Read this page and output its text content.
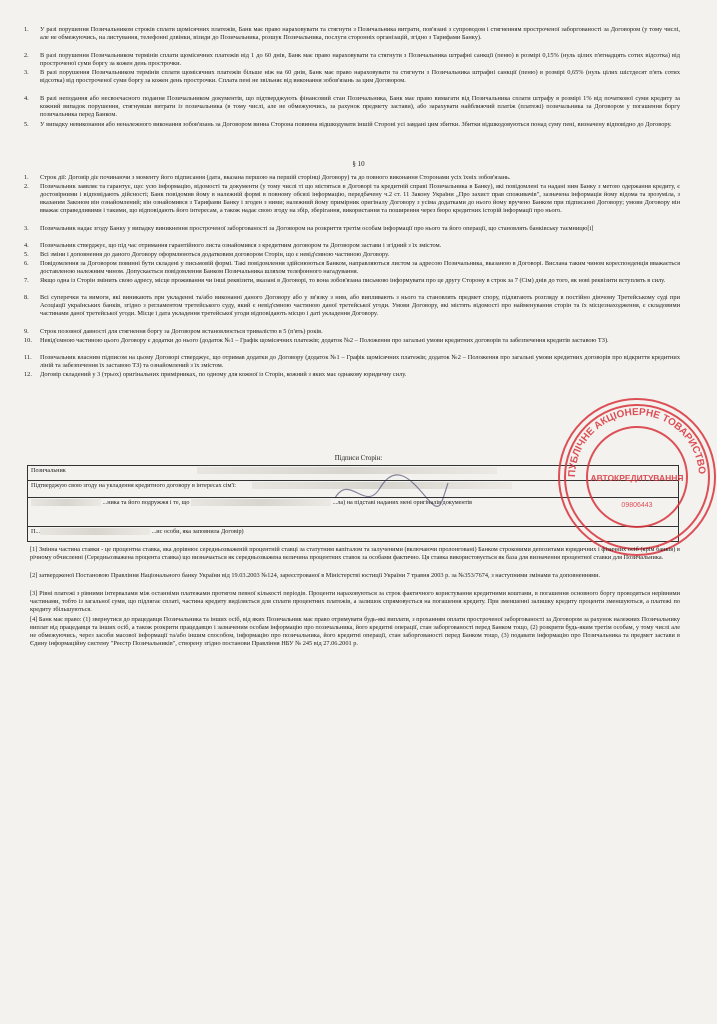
1. У разі порушення Позичальником строків сплати щомісячних платежів, Банк має право нараховувати та стягнути з Позичальника витрати, пов'язані з супроводом і стягненням простроченої заборгованості за Договором (у тому числі, але не обмежуючись, на листування, телефонні дзвінки, візиди до Позичальника, розшук Позичальника, послуги сторонніх організацій, згідно з Тарифами Банку).
2. В разі порушення Позичальником термінів сплати щомісячних платежів від 1 до 60 днів, Банк має право нараховувати та стягнути з Позичальника штрафні санкції (пеню) в розмірі 0,15% (нуль цілих п'ятнадцять сотих відсотка) від простроченої суми боргу за кожен день прострочки.
3. В разі порушення Позичальником термінів сплати щомісячних платежів більше ніж на 60 днів, Банк має право нараховувати та стягнути з Позичальника штрафні санкції (пеню) в розмірі 0,65% (нуль цілих шістдесят п'ять сотих відсотка) від простроченої суми боргу за кожен день прострочки. Сплата пені не звільняє від виконання зобов'язань за цим Договором.
4. В разі неподання або несвоєчасного подання Позичальником документів, що підтверджують фінансовий стан Позичальника, Банк має право вимагати від Позичальника сплати штрафу в розмірі 1% від початкової суми кредиту за кожний випадок порушення, стягнувши витрати із позичальника (в тому числі, але не обмежуючись, за рахунок предмету застави), або зарахувати найближчий платіж (платежі) позичальника за Договором у погашення боргу позичальника перед Банком.
5. У випадку невиконання або неналежного виконання зобов'язань за Договором винна Сторона повинна відшкодувати іншій Стороні усі завдані цим збитки. Збитки відшкодовуються понад суму пені, визначену відповідно до Договору.
§ 10
1. Строк дії: Договір діє починаючи з моменту його підписання (дата, вказана першою на першій сторінці Договору) та до повного виконання Сторонами усіх їхніх зобов'язань.
2. Позичальник заявляє та гарантує, що: усю інформацію, відомості та документи (у тому числі ті що містяться в Договорі та кредитній справі Позичальника в Банку), які повідомлені та надані ним Банку з метою одержання кредиту, є достовірними і відповідають дійсності; Банк повідомив йому в належній формі в повному обсязі інформацію, передбачену ч.2 ст. 11 Закону України „Про захист прав споживачів", зазначена інформація йому відома та зрозуміла, з вказаним Законом він ознайомлений; він ознайомився з Тарифами Банку і згоден з ними; належний йому примірник оригіналу Договору з усіма додатками до нього йому вручено Банком при підписанні Договору; умови Договору він вважає справедливими і такими, що відповідають його інтересам, а також надає свою згоду на збір, зберігання, використання та поширення через бюро кредитних історій інформації про нього.
3. Позичальник надає згоду Банку у випадку виникнення простроченої заборгованості за Договором на розкриття третім особам інформації про нього та його операції, що становлять банківську таємницю[i]
4. Позичальник стверджує, що під час отримання гарантійного листа ознайомився з кредитним договором та Договором застави і згідний з їх змістом.
5. Всі зміни і доповнення до даного Договору оформлюються додатковим договором Сторін, що є невід'ємною частиною Договору.
6. Повідомлення за Договором повинні бути складені у письмовій формі. Такі повідомлення здійснюються Банком, направляються листом за адресою Позичальника, вказаною в Договорі. Вислана таким чином кореспонденція вважається доставленою належним чином. Допускається повідомлення Банком Позичальника шляхом телефонного нагадування.
7. Якщо одна із Сторін змінить свою адресу, місце проживання чи інші реквізити, вказані в Договорі, то вона зобов'язана письмово інформувати про це другу Сторону в строк за 7 (Сім) днів до того, як нові реквізити вступлять в силу.
8. Всі суперечки та вимоги, які виникають при укладенні та/або виконанні даного Договору або у зв'язку з ним, або випливають з нього та становлять предмет спору, підлягають розгляду в постійно діючому Третейському суді при Асоціації українських банків, згідно з регламентом третейського суду, який є невід'ємною частиною даної третейської угоди. Умови Договору, які містять відомості про найменування сторін та їх місцезнаходження, є складовими частинами даної третейської угоди. Місце і дата укладення третейської угоди відповідають місцю і даті укладення Договору.
9. Строк позовної давності для стягнення боргу за Договором встановлюється тривалістю в 5 (п'ять) років.
10. Невід'ємною частиною цього Договору є додатки до нього (додаток №1 – Графік щомісячних платежів; додаток №2 – Положення про загальні умови кредитних договорів та забезпечення кредитів заставою ТЗ).
11. Позичальник власним підписом на цьому Договорі стверджує, що отримав додатки до Договору (додаток №1 – Графік щомісячних платежів; додаток №2 – Положення про загальні умови кредитних договорів про відкриття кредитних ліній та забезпечення їх заставою ТЗ) та ознайомлений з їх змістом.
12. Договір складений у 3 (трьох) оригінальних примірниках, по одному для кожної із Сторін, кожний з яких має однакову юридичну силу.
Підписи Сторін:
Позичальник
Підтверджую свою згоду на укладення кредитного договору в інтересах сім'ї:
...ника та його подружжя і те, що	...ла) на підставі наданих мені оригіналів документів
П...	...ис особи, яка заповнила Договір)
ПУБЛІЧНЕ АКЦІОНЕРНЕ ТОВАРИСТВО
АВТОКРЕДИТУВАННЯ
09806443
[1] Змінна частина ставки - це процентна ставка, яка дорівнює середньозваженій процентній ставці за статутним капіталом та залученими (включаючи пролонговані) Банком строковими депозитами юридичних і фізичних осіб (крім банків) в річному обчисленні (Середньозважена процента ставка) що визначається як середньозважена величина процентних ставок за особами фактично. Ця ставка використовується як база для визначення процентної ставки для Позичальника.
[2] затвердженої Постановою Правління Національного банку України від 19.03.2003 №124, зареєстрованої в Міністерстві юстиції України 7 травня 2003 р. за №353/7674, з наступними змінами та доповненнями.
[3] Рівні платежі з рівними інтервалами між останніми платежами протягом певної кількості періодів. Проценти нараховуються за строк фактичного користування кредитними коштами, в погашення основного боргу проводяться нерівними частинами, тобто із загальної суми, що підлягає сплаті, частина кредиту виділяється для сплати процентних платежів, а залишок спрямовується на погашення кредиту. При зменшенні залишку кредиту проценти зменшуються, а платежі по кредиту збільшуються.
[4] Банк має право: (1) звернутися до працедавця Позичальника та інших осіб, від яких Позичальник має право отримувати будь-які виплати, з проханням оплати простроченої заборгованості за Договором за рахунок належних Позичальнику виплат від працедавця та інших осіб, а також розкрити працедавцю і зазначеним особам інформацію про позичальника, його кредитні операції, стан заборгованості перед Банком тощо, (2) розкрити будь-яким третім особам, у тому числі але не обмежуючись, через засоби масової інформації та/або іншим способом, інформацію про позичальника, його кредитні операції, стан заборгованості перед Банком тощо, (3) подавати інформацію про Позичальника та предмет застави в Єдину інформаційну систему "Реєстр Позичальників", створену згідно постанови Правління НБУ № 245 від 27.06.2001 р.
